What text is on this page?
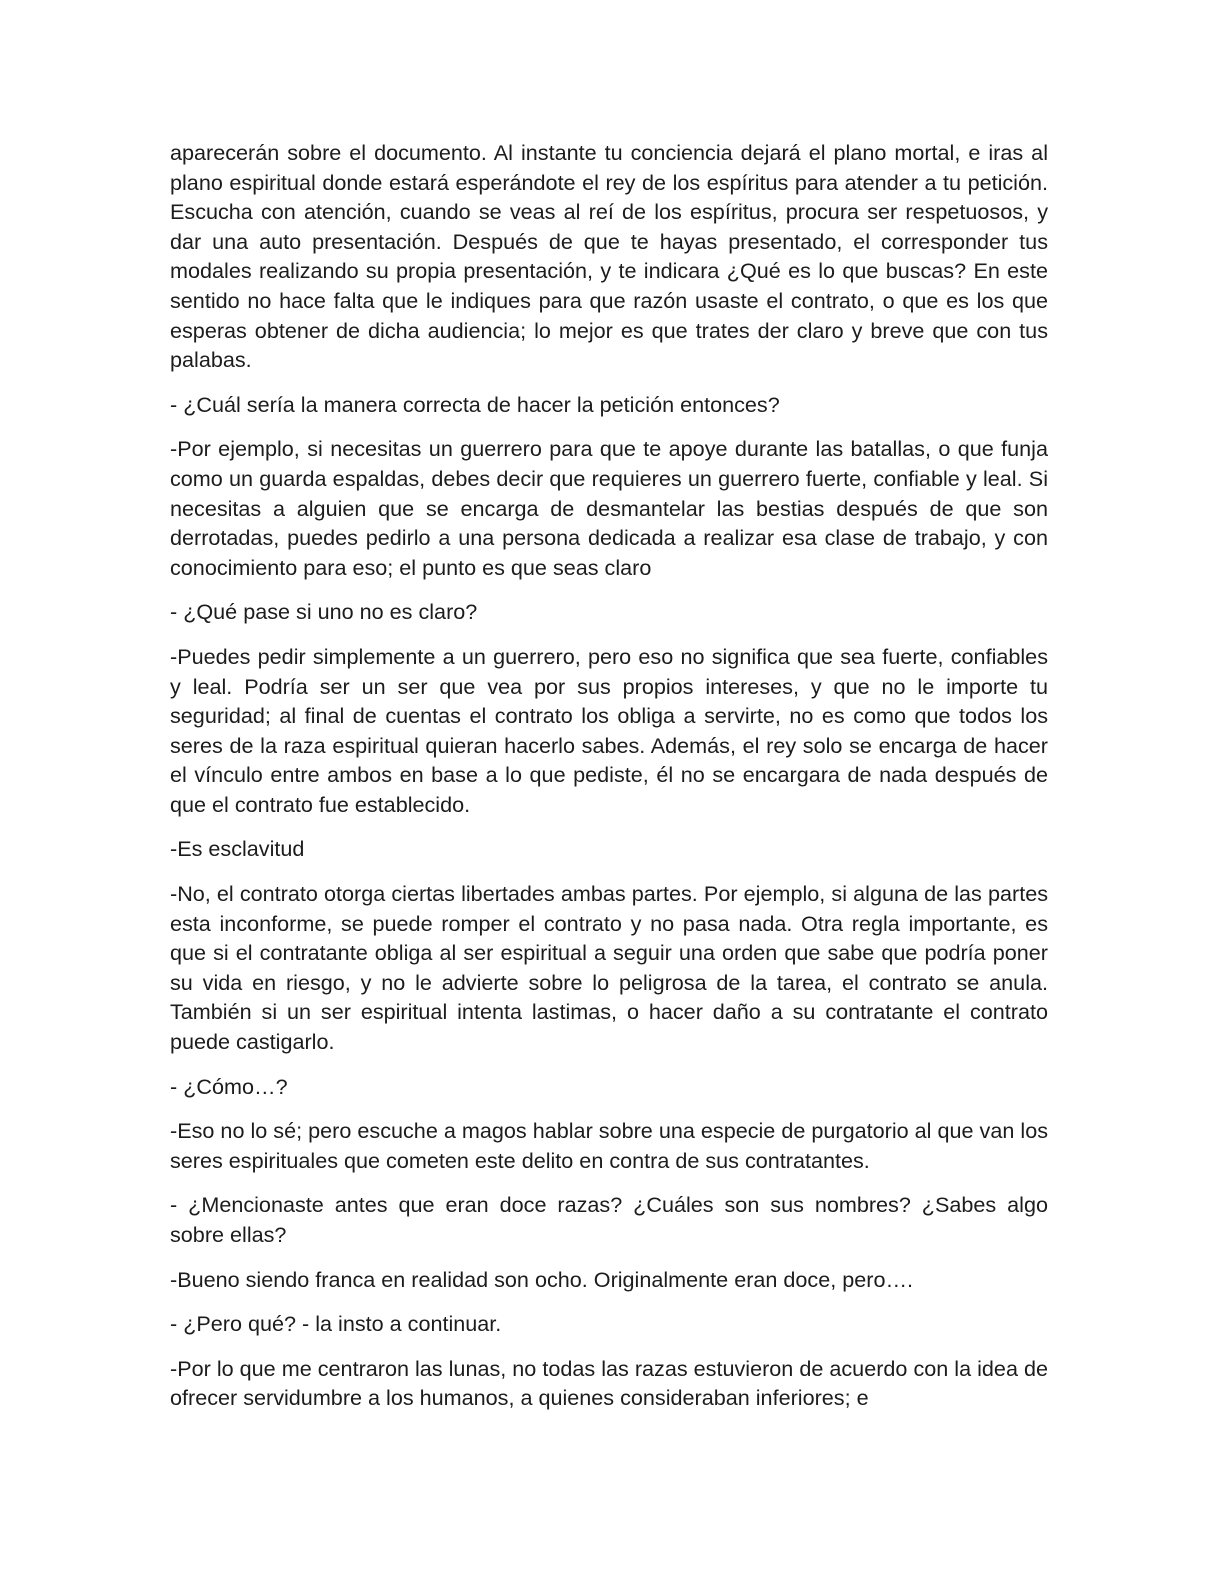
aparecerán sobre el documento. Al instante tu conciencia dejará el plano mortal, e iras al plano espiritual donde estará esperándote el rey de los espíritus para atender a tu petición. Escucha con atención, cuando se veas al reí de los espíritus, procura ser respetuosos, y dar una auto presentación. Después de que te hayas presentado, el corresponder tus modales realizando su propia presentación, y te indicara ¿Qué es lo que buscas? En este sentido no hace falta que le indiques para que razón usaste el contrato, o que es los que esperas obtener de dicha audiencia; lo mejor es que trates der claro y breve que con tus palabas.

- ¿Cuál sería la manera correcta de hacer la petición entonces?

-Por ejemplo, si necesitas un guerrero para que te apoye durante las batallas, o que funja como un guarda espaldas, debes decir que requieres un guerrero fuerte, confiable y leal. Si necesitas a alguien que se encarga de desmantelar las bestias después de que son derrotadas, puedes pedirlo a una persona dedicada a realizar esa clase de trabajo, y con conocimiento para eso; el punto es que seas claro

- ¿Qué pase si uno no es claro?

-Puedes pedir simplemente a un guerrero, pero eso no significa que sea fuerte, confiables y leal. Podría ser un ser que vea por sus propios intereses, y que no le importe tu seguridad; al final de cuentas el contrato los obliga a servirte, no es como que todos los seres de la raza espiritual quieran hacerlo sabes. Además, el rey solo se encarga de hacer el vínculo entre ambos en base a lo que pediste, él no se encargara de nada después de que el contrato fue establecido.

-Es esclavitud

-No, el contrato otorga ciertas libertades ambas partes. Por ejemplo, si alguna de las partes esta inconforme, se puede romper el contrato y no pasa nada. Otra regla importante, es que si el contratante obliga al ser espiritual a seguir una orden que sabe que podría poner su vida en riesgo, y no le advierte sobre lo peligrosa de la tarea, el contrato se anula. También si un ser espiritual intenta lastimas, o hacer daño a su contratante el contrato puede castigarlo.

- ¿Cómo…?

-Eso no lo sé; pero escuche a magos hablar sobre una especie de purgatorio al que van los seres espirituales que cometen este delito en contra de sus contratantes.

- ¿Mencionaste antes que eran doce razas? ¿Cuáles son sus nombres? ¿Sabes algo sobre ellas?

-Bueno siendo franca en realidad son ocho. Originalmente eran doce, pero….

- ¿Pero qué? - la insto a continuar.

-Por lo que me centraron las lunas, no todas las razas estuvieron de acuerdo con la idea de ofrecer servidumbre a los humanos, a quienes consideraban inferiores; e
